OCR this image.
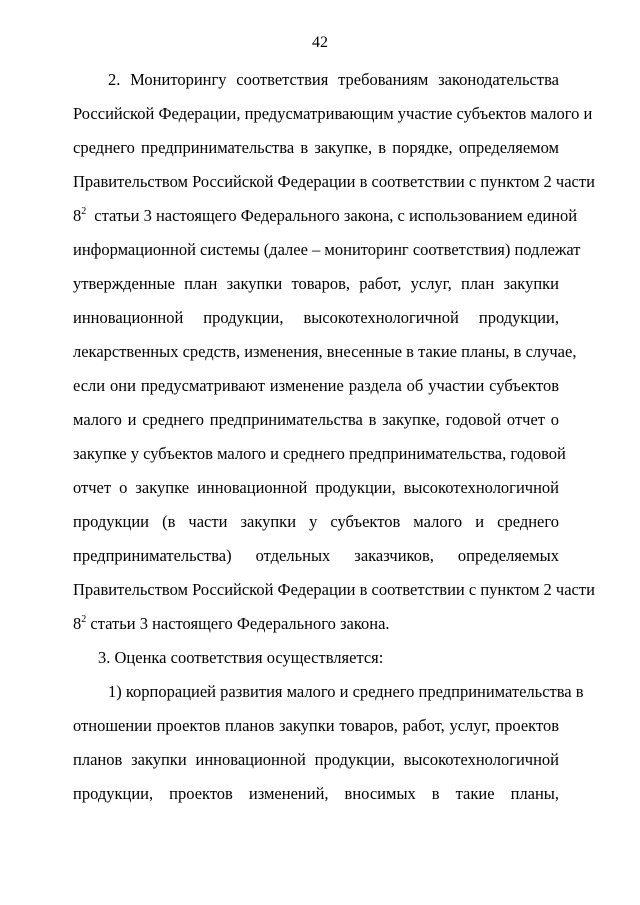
42
2. Мониторингу соответствия требованиям законодательства
Российской Федерации, предусматривающим участие субъектов малого и
среднего предпринимательства в закупке, в порядке, определяемом
Правительством Российской Федерации в соответствии с пунктом 2 части
$8^2$ статьи 3 настоящего Федерального закона, с использованием единой
информационной системы (далее – мониторинг соответствия) подлежат
утвержденные план закупки товаров, работ, услуг, план закупки
инновационной продукции, высокотехнологичной продукции,
лекарственных средств, изменения, внесенные в такие планы, в случае,
если они предусматривают изменение раздела об участии субъектов
малого и среднего предпринимательства в закупке, годовой отчет о
закупке у субъектов малого и среднего предпринимательства, годовой
отчет о закупке инновационной продукции, высокотехнологичной
продукции (в части закупки у субъектов малого и среднего
предпринимательства) отдельных заказчиков, определяемых
Правительством Российской Федерации в соответствии с пунктом 2 части
$8^2$ статьи 3 настоящего Федерального закона.
3. Оценка соответствия осуществляется:
1) корпорацией развития малого и среднего предпринимательства в
отношении проектов планов закупки товаров, работ, услуг, проектов
планов закупки инновационной продукции, высокотехнологичной
продукции, проектов изменений, вносимых в такие планы,
